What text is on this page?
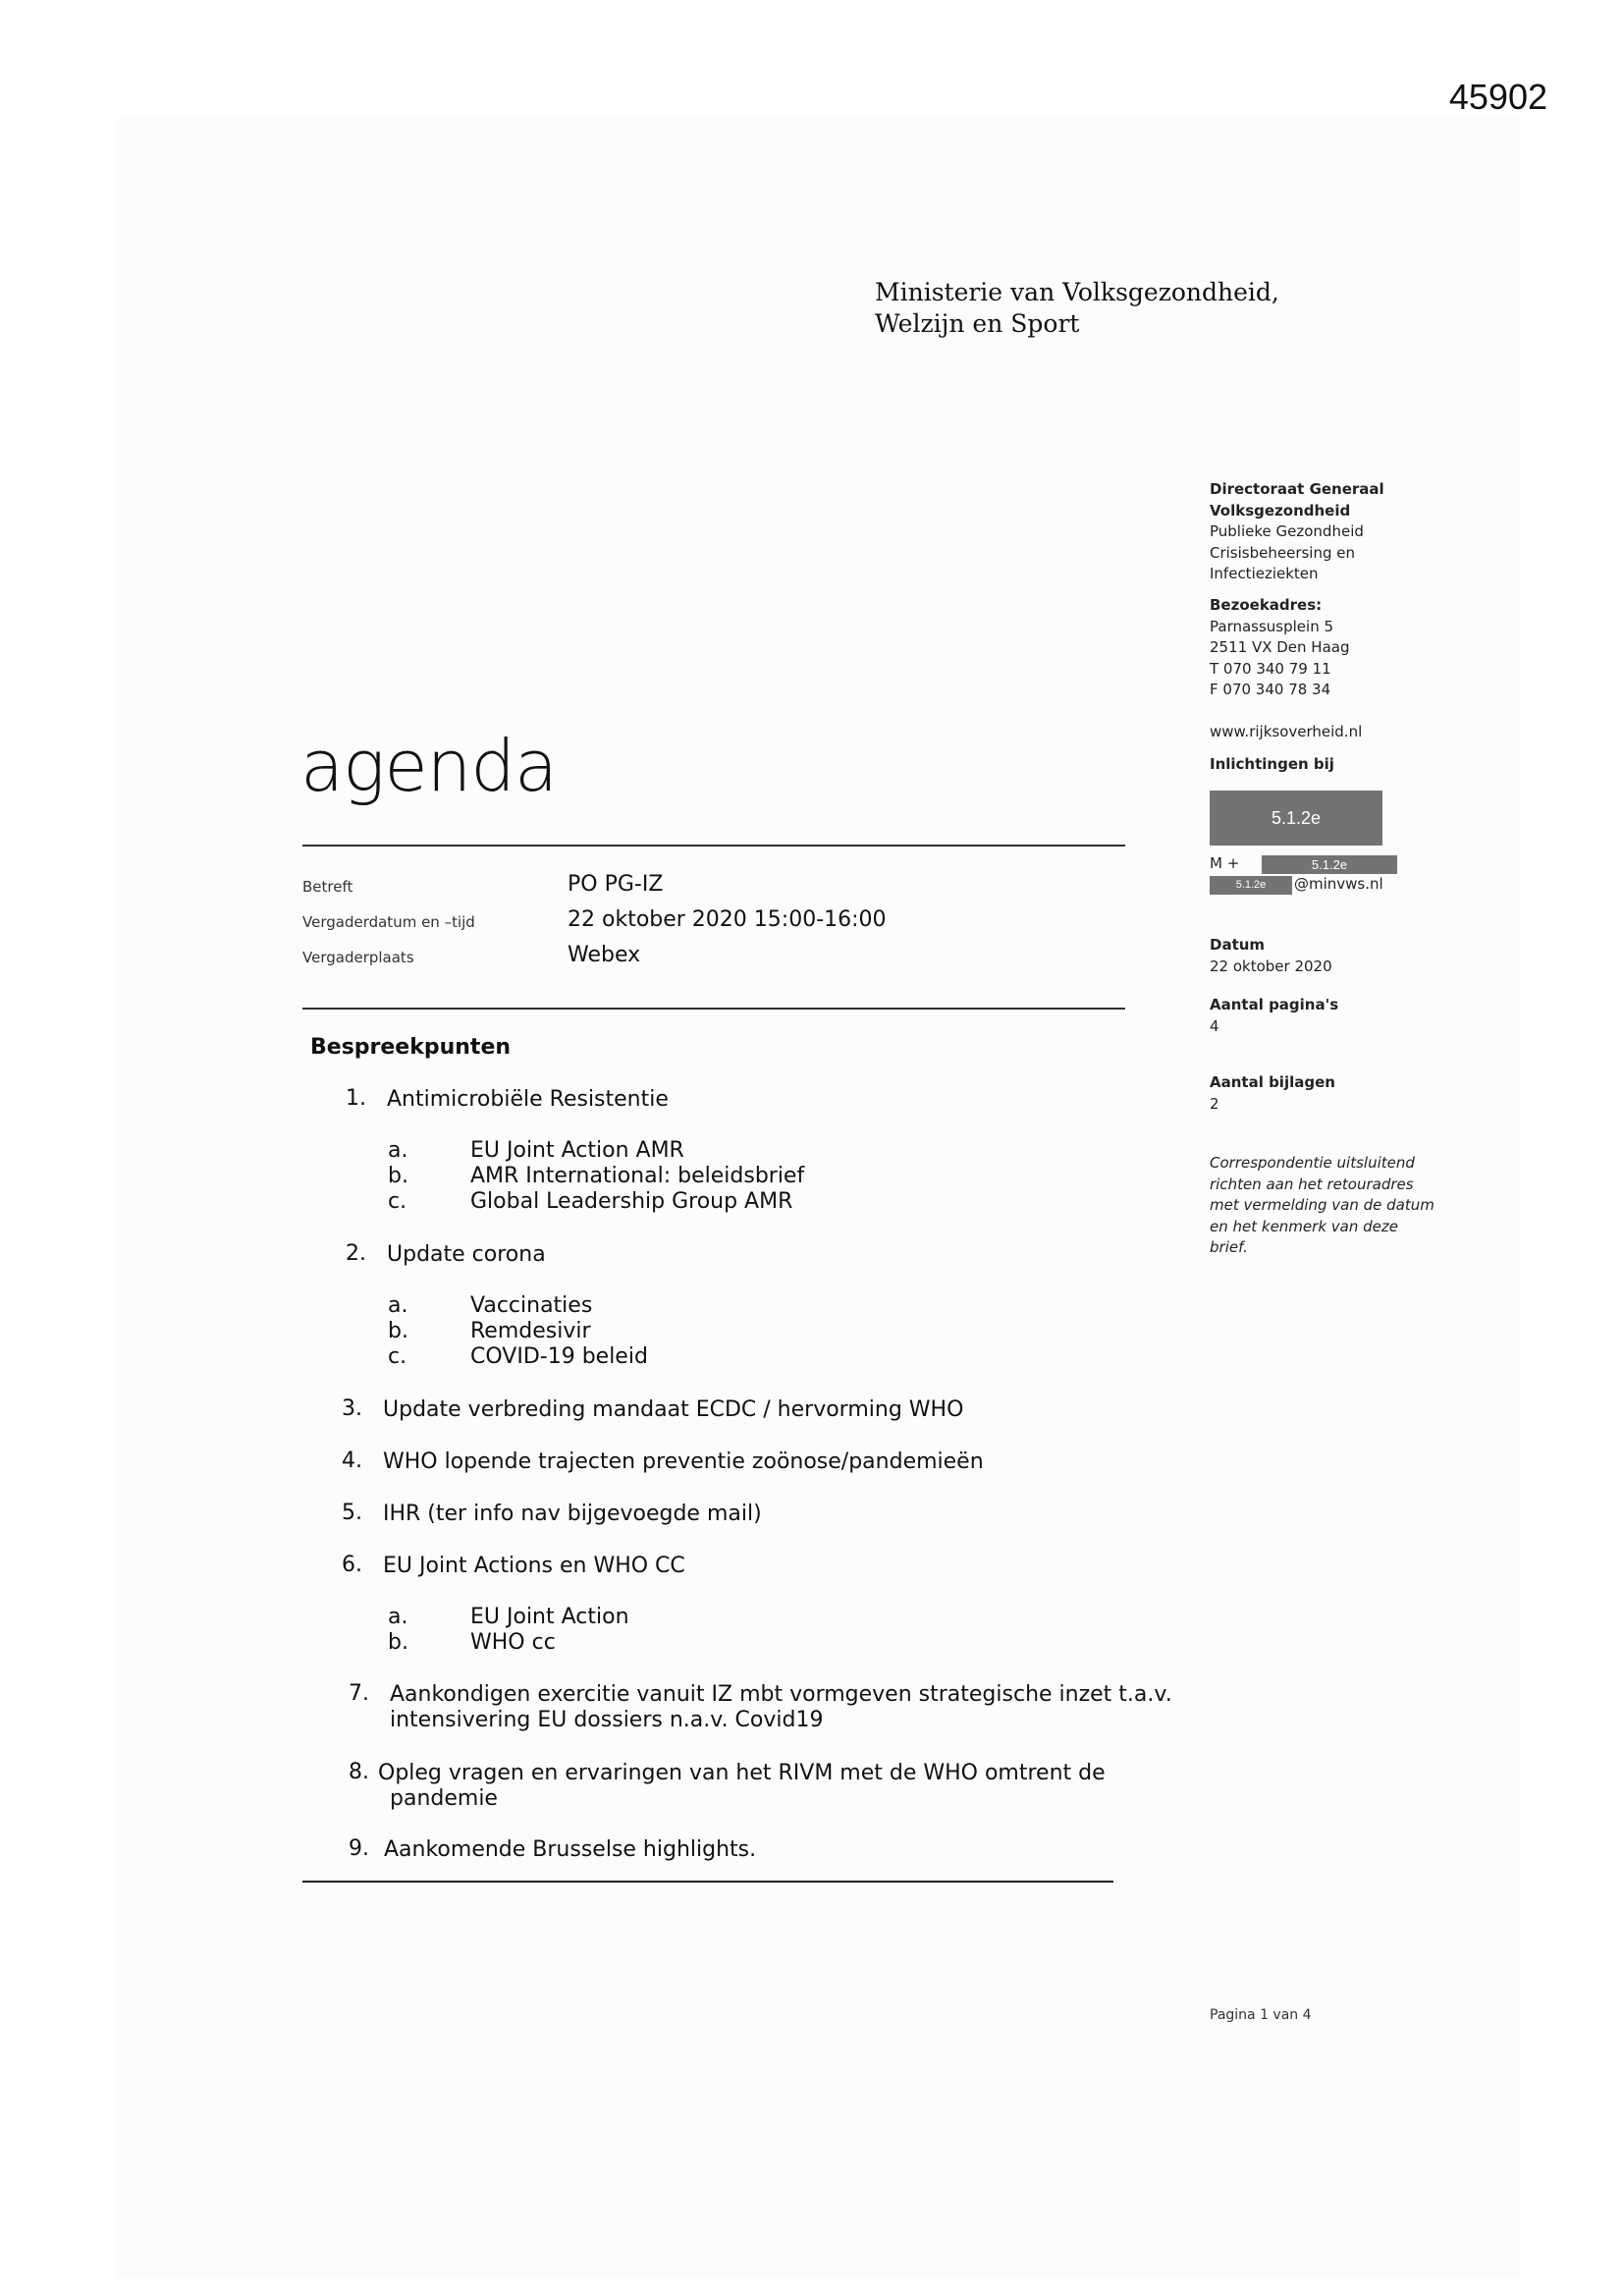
45902
Ministerie van Volksgezondheid,
Welzijn en Sport
agenda
Betreft	PO PG-IZ
Vergaderdatum en –tijd	22 oktober 2020 15:00-16:00
Vergaderplaats	Webex
Bespreekpunten
1. Antimicrobiële Resistentie
a.	EU Joint Action AMR
b.	AMR International: beleidsbrief
c.	Global Leadership Group AMR
2. Update corona
a.	Vaccinaties
b.	Remdesivir
c.	COVID-19 beleid
3. Update verbreding mandaat ECDC / hervorming WHO
4. WHO lopende trajecten preventie zoönose/pandemieën
5. IHR (ter info nav bijgevoegde mail)
6. EU Joint Actions en WHO CC
a.	EU Joint Action
b.	WHO cc
7. Aankondigen exercitie vanuit IZ mbt vormgeven strategische inzet t.a.v.
intensivering EU dossiers n.a.v. Covid19
8. Opleg vragen en ervaringen van het RIVM met de WHO omtrent de
pandemie
9. Aankomende Brusselse highlights.
Directoraat Generaal
Volksgezondheid
Publieke Gezondheid
Crisisbeheersing en
Infectieziekten
Bezoekadres:
Parnassusplein 5
2511 VX Den Haag
T 070 340 79 11
F 070 340 78 34
www.rijksoverheid.nl
Inlichtingen bij
5.1.2e
M +	5.1.2e
5.1.2e	@minvws.nl
Datum
22 oktober 2020
Aantal pagina's
4
Aantal bijlagen
2
Correspondentie uitsluitend
richten aan het retouradres
met vermelding van de datum
en het kenmerk van deze
brief.
Pagina 1 van 4
